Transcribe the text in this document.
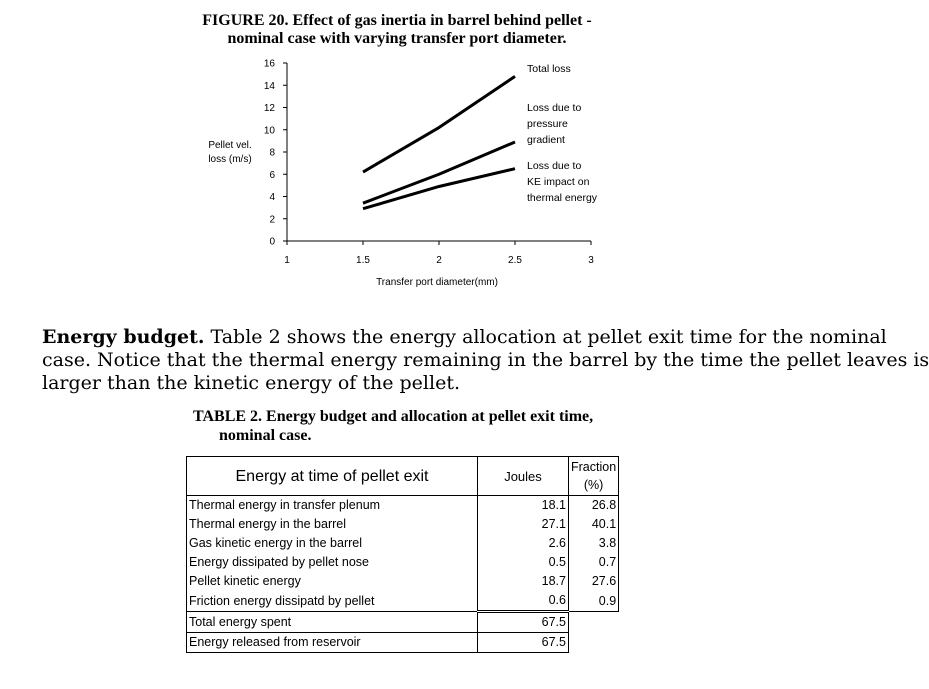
FIGURE 20. Effect of gas inertia in barrel behind pellet -
nominal case with varying transfer port diameter.
0
2
4
6
8
10
12
14
16
1	1.5	2	2.5	3
Total loss
Loss due to
pressure
gradient
Loss due to
KE impact on
thermal energy
Pellet vel.
loss (m/s)
Transfer port diameter(mm)
Energy budget. Table 2 shows the energy allocation at pellet exit time for the nominal
case. Notice that the thermal energy remaining in the barrel by the time the pellet leaves is
larger than the kinetic energy of the pellet.
TABLE 2. Energy budget and allocation at pellet exit time,
nominal case.
Energy at time of pellet exit	Joules	Fraction
(%)

Thermal energy in transfer plenum	18.1	26.8
Thermal energy in the barrel	27.1	40.1
Gas kinetic energy in the barrel	2.6	3.8
Energy dissipated by pellet nose	0.5	0.7
Pellet kinetic energy	18.7	27.6
Friction energy dissipatd by pellet	0.6	0.9
Total energy spent	67.5	
Energy released from reservoir	67.5	
